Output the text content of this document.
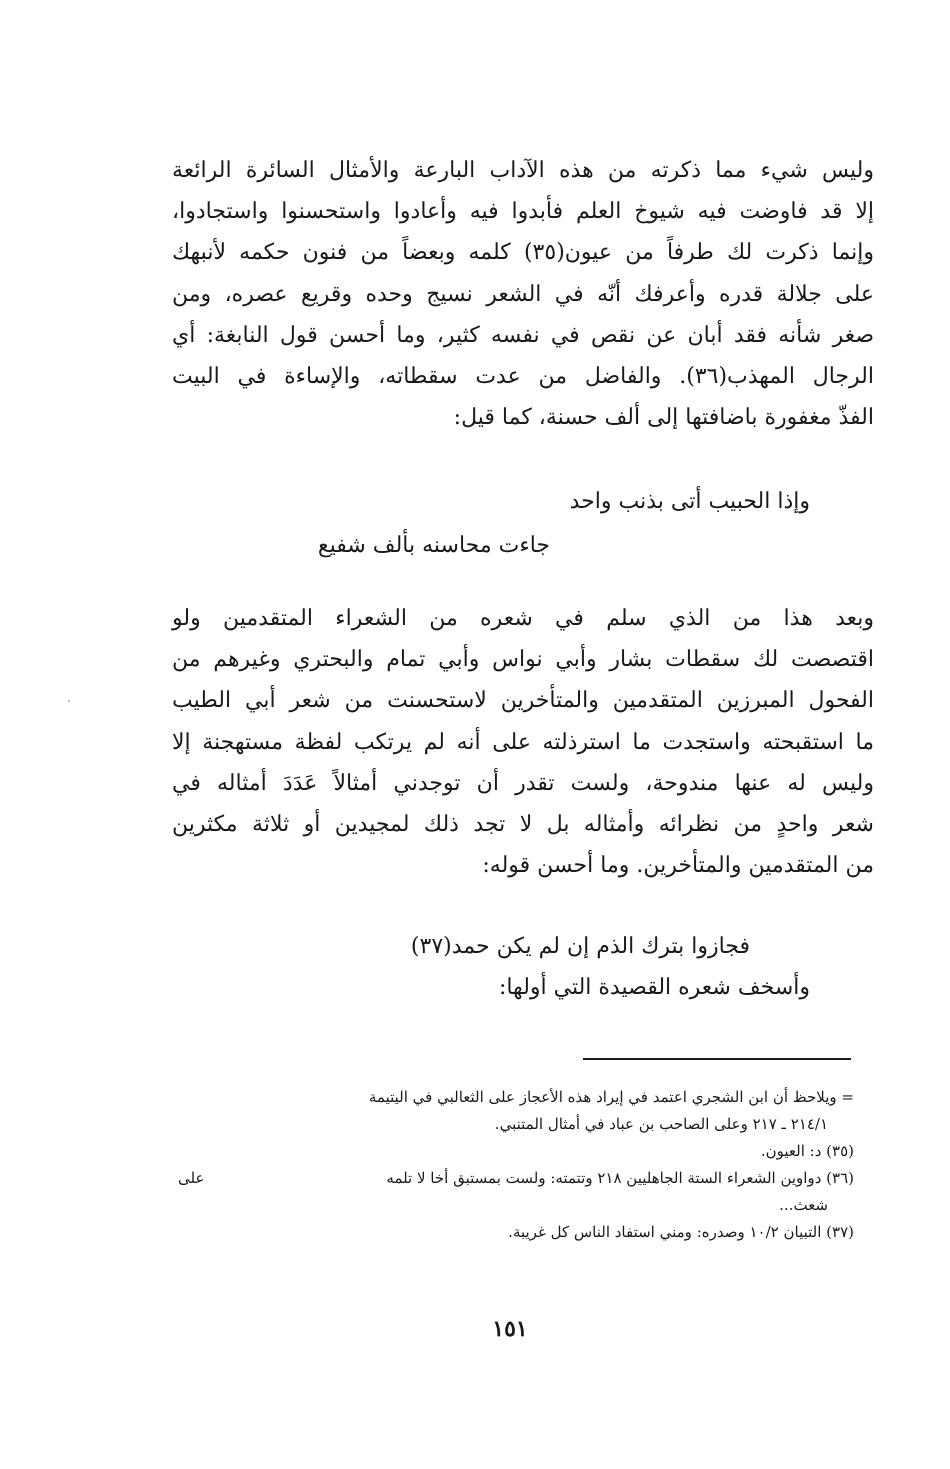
وليس شيء مما ذكرته من هذه الآداب البارعة والأمثال السائرة الرائعة
إلا قد فاوضت فيه شيوخ العلم فأبدوا فيه وأعادوا واستحسنوا واستجادوا،
وإنما ذكرت لك طرفاً من عيون(٣٥) كلمه وبعضاً من فنون حكمه لأنبهك
على جلالة قدره وأعرفك أنّه في الشعر نسيج وحده وقريع عصره، ومن
صغر شأنه فقد أبان عن نقص في نفسه كثير، وما أحسن قول النابغة: أي
الرجال المهذب(٣٦). والفاضل من عدت سقطاته، والإساءة في البيت
الفذّ مغفورة باضافتها إلى ألف حسنة، كما قيل:
وإذا الحبيب أتى بذنب واحد
جاءت محاسنه بألف شفيع
وبعد هذا من الذي سلم في شعره من الشعراء المتقدمين ولو
اقتصصت لك سقطات بشار وأبي نواس وأبي تمام والبحتري وغيرهم من
الفحول المبرزين المتقدمين والمتأخرين لاستحسنت من شعر أبي الطيب
ما استقبحته واستجدت ما استرذلته على أنه لم يرتكب لفظة مستهجنة إلا
وليس له عنها مندوحة، ولست تقدر أن توجدني أمثالاً عَدَدَ أمثاله في
شعر واحدٍ من نظرائه وأمثاله بل لا تجد ذلك لمجيدين أو ثلاثة مكثرين
من المتقدمين والمتأخرين. وما أحسن قوله:
فجازوا بترك الذم إن لم يكن حمد(٣٧)
وأسخف شعره القصيدة التي أولها:
= ويلاحظ أن ابن الشجري اعتمد في إيراد هذه الأعجاز على الثعالبي في اليتيمة
٢١٤/١ ـ ٢١٧ وعلى الصاحب بن عباد في أمثال المتنبي.
(٣٥) د: العيون.
(٣٦) دواوين الشعراء الستة الجاهليين ٢١٨ وتتمته: ولست بمستبق أخا لا تلمه
على
شعث...
(٣٧) التبيان ١٠/٢ وصدره: ومني استفاد الناس كل غريبة.
١٥١
